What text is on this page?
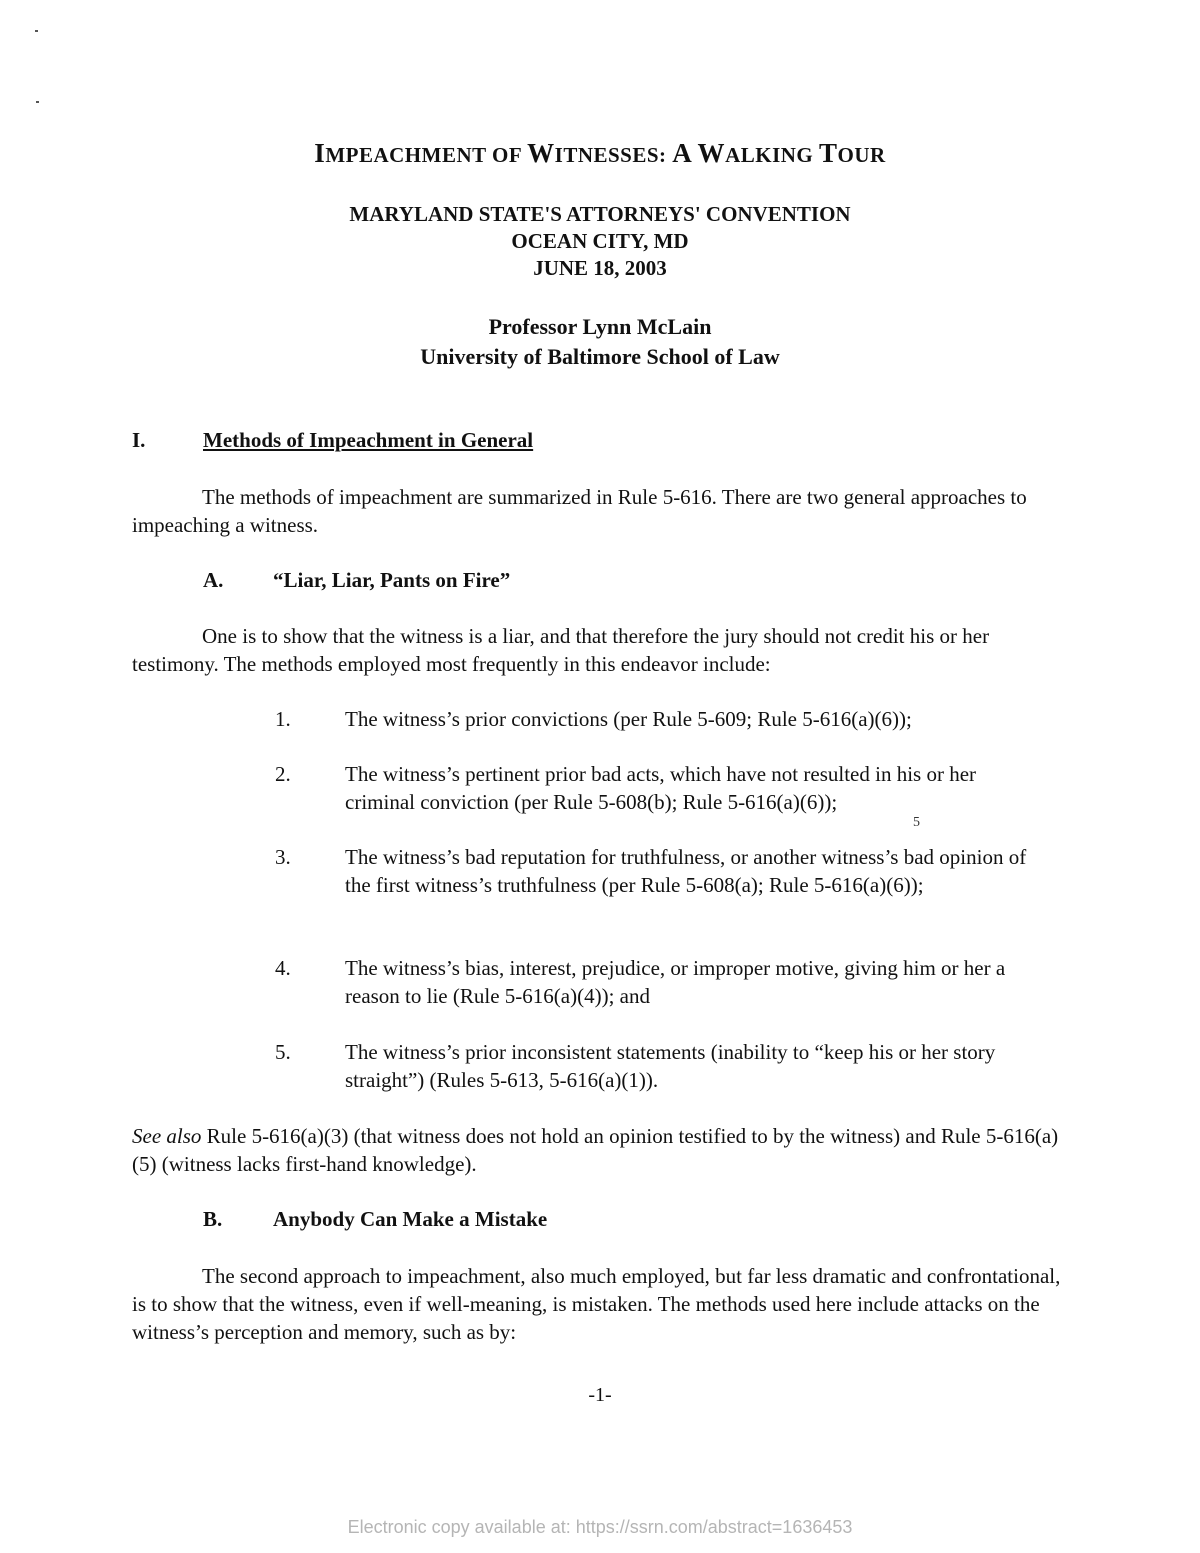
IMPEACHMENT OF WITNESSES: A WALKING TOUR
MARYLAND STATE'S ATTORNEYS' CONVENTION
OCEAN CITY, MD
JUNE 18, 2003
Professor Lynn McLain
University of Baltimore School of Law
I.	Methods of Impeachment in General
The methods of impeachment are summarized in Rule 5-616. There are two general approaches to impeaching a witness.
A. “Liar, Liar, Pants on Fire”
One is to show that the witness is a liar, and that therefore the jury should not credit his or her testimony. The methods employed most frequently in this endeavor include:
1.	The witness’s prior convictions (per Rule 5-609; Rule 5-616(a)(6));
2.	The witness’s pertinent prior bad acts, which have not resulted in his or her criminal conviction (per Rule 5-608(b); Rule 5-616(a)(6));
5
3.	The witness’s bad reputation for truthfulness, or another witness’s bad opinion of the first witness’s truthfulness (per Rule 5-608(a); Rule 5-616(a)(6));
4.	The witness’s bias, interest, prejudice, or improper motive, giving him or her a reason to lie (Rule 5-616(a)(4)); and
5.	The witness’s prior inconsistent statements (inability to “keep his or her story straight”) (Rules 5-613, 5-616(a)(1)).
See also Rule 5-616(a)(3) (that witness does not hold an opinion testified to by the witness) and Rule 5-616(a)(5) (witness lacks first-hand knowledge).
B. Anybody Can Make a Mistake
The second approach to impeachment, also much employed, but far less dramatic and confrontational, is to show that the witness, even if well-meaning, is mistaken. The methods used here include attacks on the witness’s perception and memory, such as by:
-1-
Electronic copy available at: https://ssrn.com/abstract=1636453
